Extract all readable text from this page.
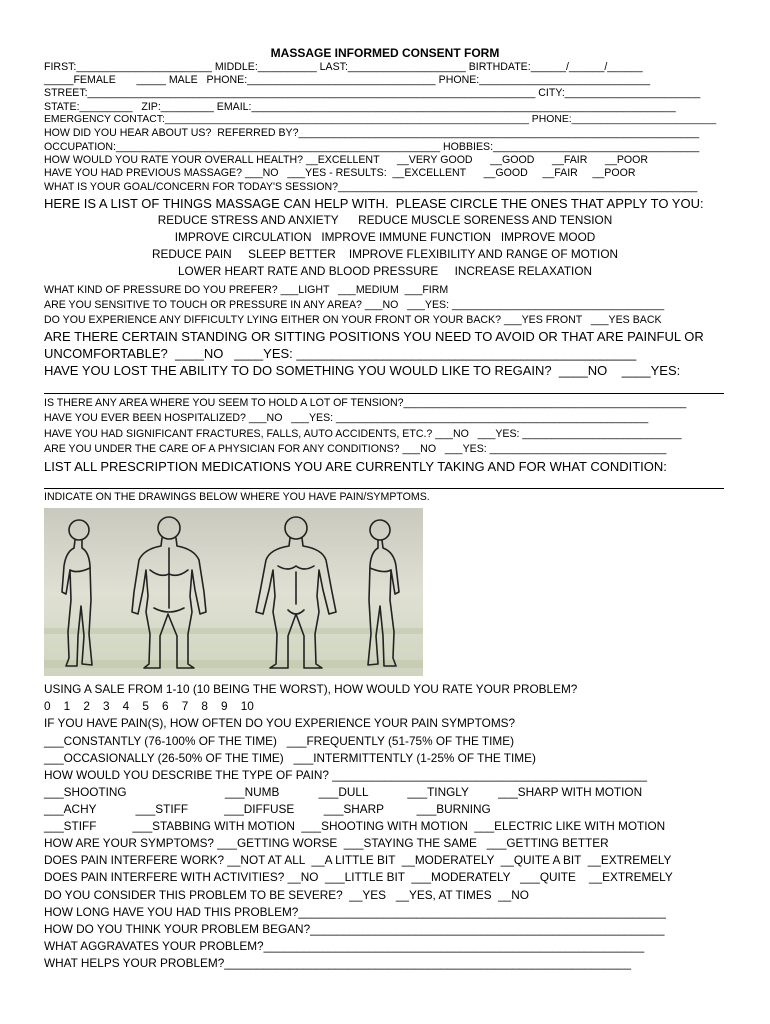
MASSAGE INFORMED CONSENT FORM
FIRST:_______________________ MIDDLE:__________ LAST:____________________ BIRTHDATE:______/______/______
_____FEMALE       _____ MALE   PHONE:________________________________ PHONE:_____________________________
STREET:____________________________________________________________________________ CITY:_______________________
STATE:_________   ZIP:_________ EMAIL:________________________________________________________________________
EMERGENCY CONTACT:_______________________________________________________________ PHONE:_________________________
HOW DID YOU HEAR ABOUT US?  REFERRED BY?____________________________________________________________________
OCCUPATION:_______________________________________________________ HOBBIES:___________________________________
HOW WOULD YOU RATE YOUR OVERALL HEALTH? __EXCELLENT      __VERY GOOD      __GOOD      __FAIR      __POOR
HAVE YOU HAD PREVIOUS MASSAGE? ___NO   ___YES - RESULTS:  __EXCELLENT      __GOOD     __FAIR     __POOR
WHAT IS YOUR GOAL/CONCERN FOR TODAY'S SESSION?_____________________________________________________________
HERE IS A LIST OF THINGS MASSAGE CAN HELP WITH.  PLEASE CIRCLE THE ONES THAT APPLY TO YOU:
REDUCE STRESS AND ANXIETY      REDUCE MUSCLE SORENESS AND TENSION
IMPROVE CIRCULATION   IMPROVE IMMUNE FUNCTION   IMPROVE MOOD
REDUCE PAIN     SLEEP BETTER    IMPROVE FLEXIBILITY AND RANGE OF MOTION
LOWER HEART RATE AND BLOOD PRESSURE     INCREASE RELAXATION
WHAT KIND OF PRESSURE DO YOU PREFER? ___LIGHT   ___MEDIUM  ___FIRM
ARE YOU SENSITIVE TO TOUCH OR PRESSURE IN ANY AREA? ___NO   ___YES: ____________________________________
DO YOU EXPERIENCE ANY DIFFICULTY LYING EITHER ON YOUR FRONT OR YOUR BACK? ___YES FRONT   ___YES BACK
ARE THERE CERTAIN STANDING OR SITTING POSITIONS YOU NEED TO AVOID OR THAT ARE PAINFUL OR
UNCOMFORTABLE?  ____NO   ____YES: _______________________________________________
HAVE YOU LOST THE ABILITY TO DO SOMETHING YOU WOULD LIKE TO REGAIN?  ____NO    ____YES:
IS THERE ANY AREA WHERE YOU SEEM TO HOLD A LOT OF TENSION?________________________________________________
HAVE YOU EVER BEEN HOSPITALIZED? ___NO   ___YES: _____________________________________________________
HAVE YOU HAD SIGNIFICANT FRACTURES, FALLS, AUTO ACCIDENTS, ETC.? ___NO   ___YES: ___________________________
ARE YOU UNDER THE CARE OF A PHYSICIAN FOR ANY CONDITIONS? ___NO   ___YES: ______________________________
LIST ALL PRESCRIPTION MEDICATIONS YOU ARE CURRENTLY TAKING AND FOR WHAT CONDITION:
INDICATE ON THE DRAWINGS BELOW WHERE YOU HAVE PAIN/SYMPTOMS.
USING A SALE FROM 1-10 (10 BEING THE WORST), HOW WOULD YOU RATE YOUR PROBLEM?
0    1    2    3    4    5    6    7    8    9    10
IF YOU HAVE PAIN(S), HOW OFTEN DO YOU EXPERIENCE YOUR PAIN SYMPTOMS?
___CONSTANTLY (76-100% OF THE TIME)   ___FREQUENTLY (51-75% OF THE TIME)
___OCCASIONALLY (26-50% OF THE TIME)   ___INTERMITTENTLY (1-25% OF THE TIME)
HOW WOULD YOU DESCRIBE THE TYPE OF PAIN? ________________________________________________
___SHOOTING                              ___NUMB            ___DULL            ___TINGLY         ___SHARP WITH MOTION
___ACHY            ___STIFF           ___DIFFUSE         ___SHARP          ___BURNING
___STIFF           ___STABBING WITH MOTION  ___SHOOTING WITH MOTION  ___ELECTRIC LIKE WITH MOTION
HOW ARE YOUR SYMPTOMS? ___GETTING WORSE  ___STAYING THE SAME   ___GETTING BETTER
DOES PAIN INTERFERE WORK? __NOT AT ALL  __A LITTLE BIT  __MODERATELY  __QUITE A BIT  __EXTREMELY
DOES PAIN INTERFERE WITH ACTIVITIES? __NO  ___LITTLE BIT  ___MODERATELY   ___QUITE    __EXTREMELY
DO YOU CONSIDER THIS PROBLEM TO BE SEVERE?  __YES   __YES, AT TIMES  __NO
HOW LONG HAVE YOU HAD THIS PROBLEM?________________________________________________________
HOW DO YOU THINK YOUR PROBLEM BEGAN?______________________________________________________
WHAT AGGRAVATES YOUR PROBLEM?__________________________________________________________
WHAT HELPS YOUR PROBLEM?______________________________________________________________
